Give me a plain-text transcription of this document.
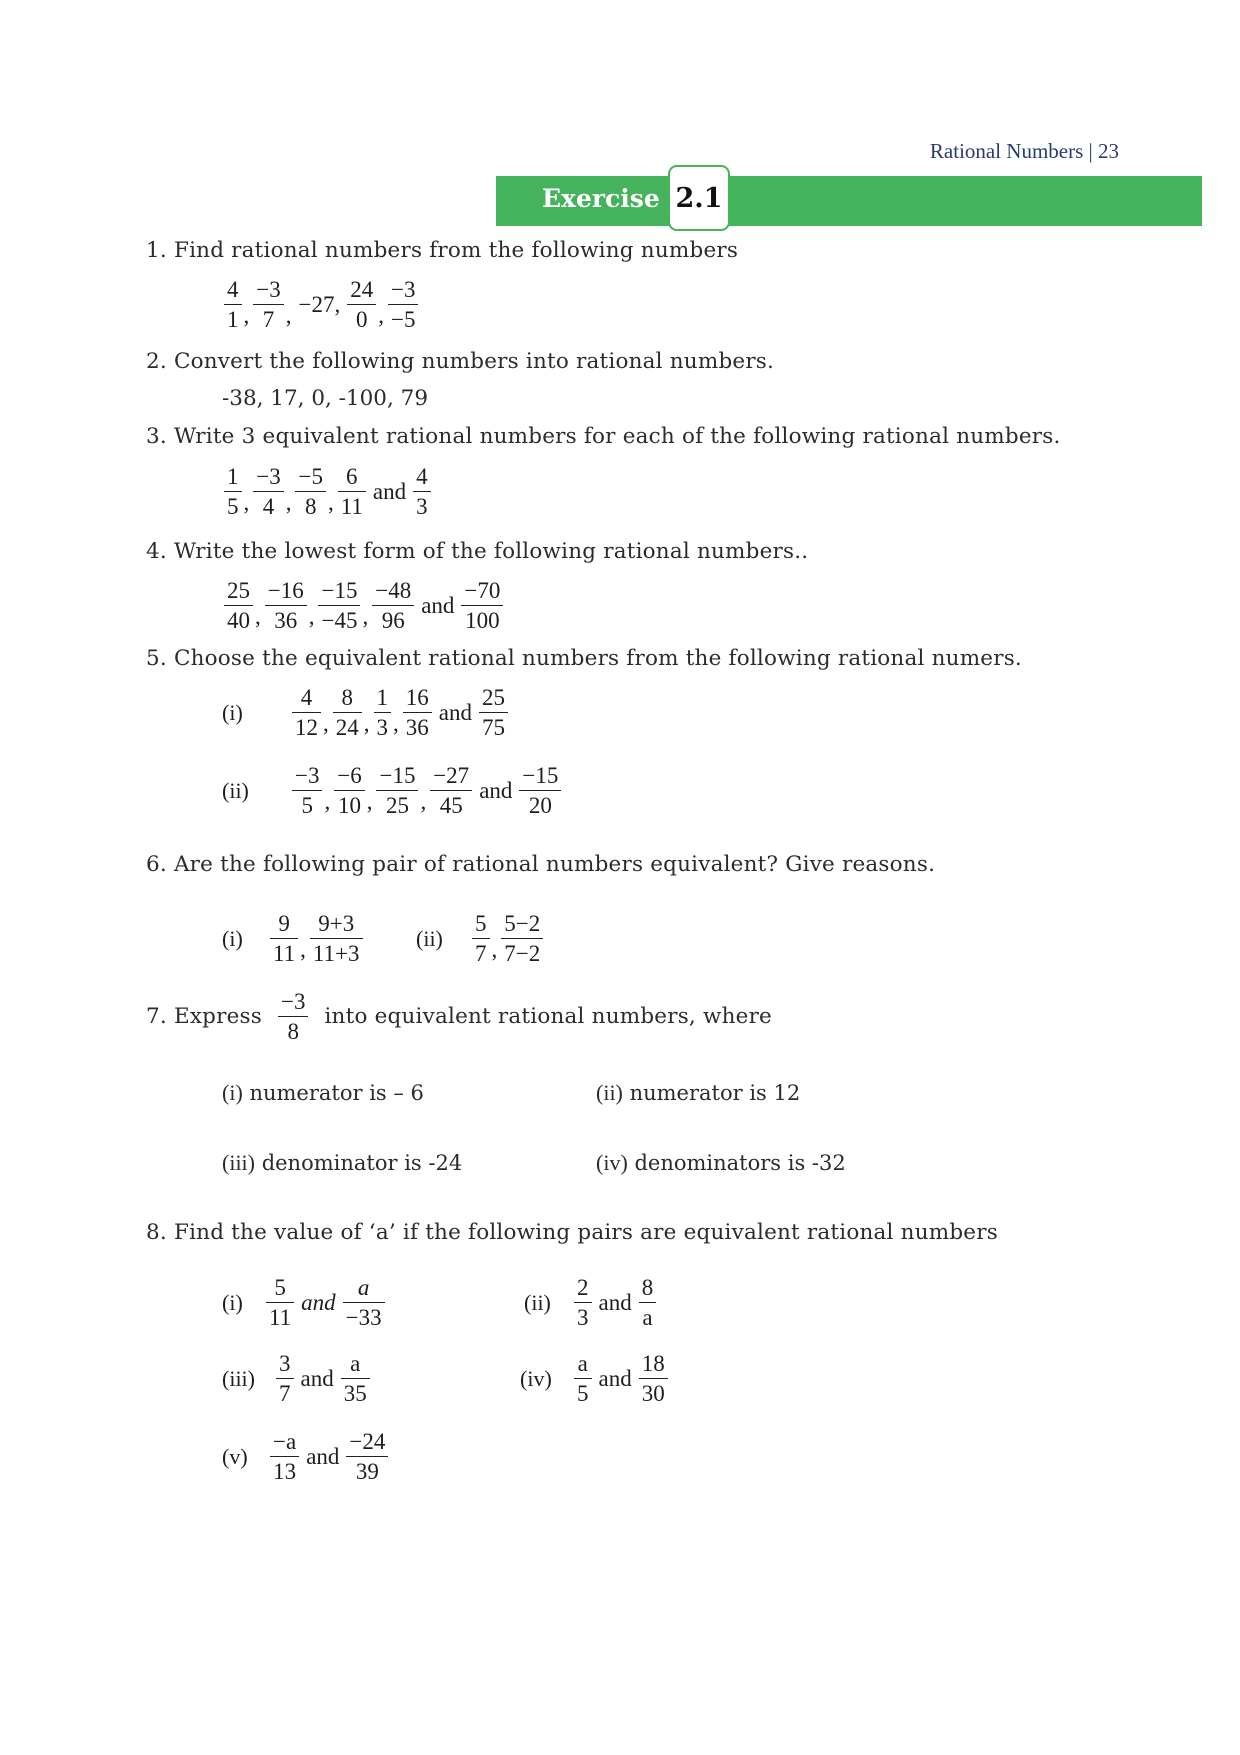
Rational Numbers | 23
Exercise 2.1
1. Find rational numbers from the following numbers
$\frac{4}{1}$ , $\frac{-3}{7}$ , −27, $\frac{24}{0}$ , $\frac{-3}{-5}$
2. Convert the following numbers into rational numbers.
-38, 17, 0, -100, 79
3. Write 3 equivalent rational numbers for each of the following rational numbers.
$\frac{1}{5}$ , $\frac{-3}{4}$ , $\frac{-5}{8}$ , $\frac{6}{11}$ and $\frac{4}{3}$
4. Write the lowest form of the following rational numbers..
$\frac{25}{40}$ , $\frac{-16}{36}$ , $\frac{-15}{-45}$ , $\frac{-48}{96}$ and $\frac{-70}{100}$
5. Choose the equivalent rational numbers from the following rational numers.
(i)	$\frac{4}{12}$ , $\frac{8}{24}$ , $\frac{1}{3}$ , $\frac{16}{36}$ and $\frac{25}{75}$
(ii)	$\frac{-3}{5}$ , $\frac{-6}{10}$ , $\frac{-15}{25}$ , $\frac{-27}{45}$ and $\frac{-15}{20}$
6. Are the following pair of rational numbers equivalent? Give reasons.
(i)	$\frac{9}{11}$ , $\frac{9+3}{11+3} (ii)$	$\frac{5}{7}$ , $\frac{5-2}{7-2}$
7. Express $\frac{-3}{8}$ into equivalent rational numbers, where
(i) numerator is – 6	(ii) numerator is 12
(iii) denominator is -24	(iv) denominators is -32
8. Find the value of ‘a’ if the following pairs are equivalent rational numbers
(i)	$\frac{5}{11}$ and $\frac{a}{-33}$	(ii)	$\frac{2}{3}$ and $\frac{8}{a}$
$(iii) \frac{3}{7}$ and $\frac{a}{35}$	$(iv) \frac{a}{5}$ and $\frac{18}{30}$
$(v) \frac{-a}{13}$ and $\frac{-24}{39}$
